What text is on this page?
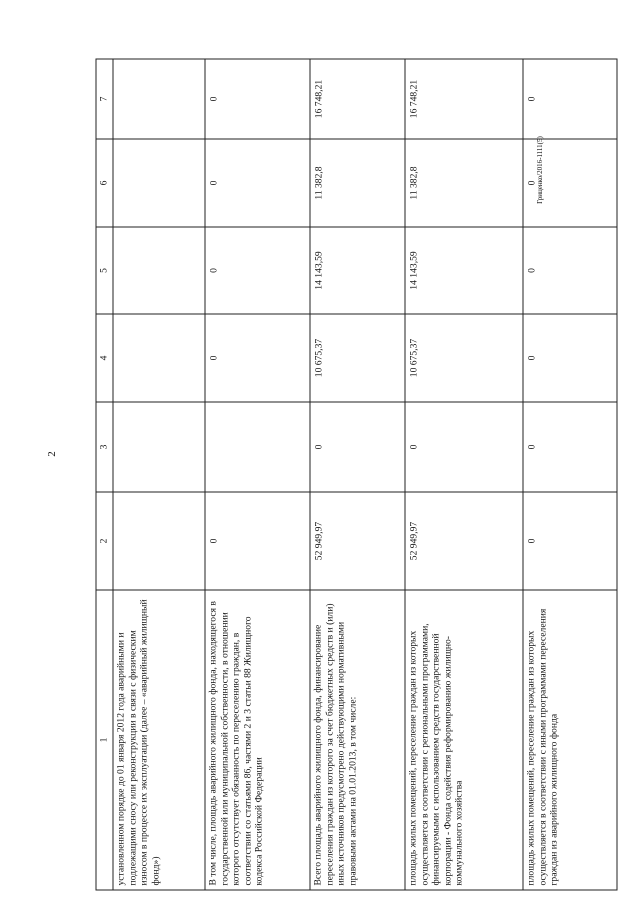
2
Гриценко/2016-1111(5)
1	2	3	4	5	6	7
установленном порядке до 01 января 2012 года аварийными и подлежащими сносу или реконструкции в связи с физическим износом в процессе их эксплуатации (далее – «аварийный жилищный фонд»)						
В том числе, площадь аварийного жилищного фонда, находящегося в государственной или муниципальной собственности, в отношении которого отсутствует обязанность по переселению граждан, в соответствии со статьями 86, частями 2 и 3 статьи 88 Жилищного кодекса Российской Федерации	0		0	0	0	0
Всего площадь аварийного жилищного фонда, финансирование переселения граждан из которого за счет бюджетных средств и (или) иных источников предусмотрено действующими нормативными правовыми актами на 01.01.2013, в том числе:	52 949,97	0	10 675,37	14 143,59	11 382,8	16 748,21
площадь жилых помещений, переселение граждан из которых осуществляется в соответствии с региональными программами, финансируемыми с использованием средств государственной корпорации - Фонда содействия реформированию жилищно-коммунального хозяйства	52 949,97	0	10 675,37	14 143,59	11 382,8	16 748,21
площадь жилых помещений, переселение граждан из которых осуществляется в соответствии с иными программами переселения граждан из аварийного жилищного фонда	0	0	0	0	0	0
